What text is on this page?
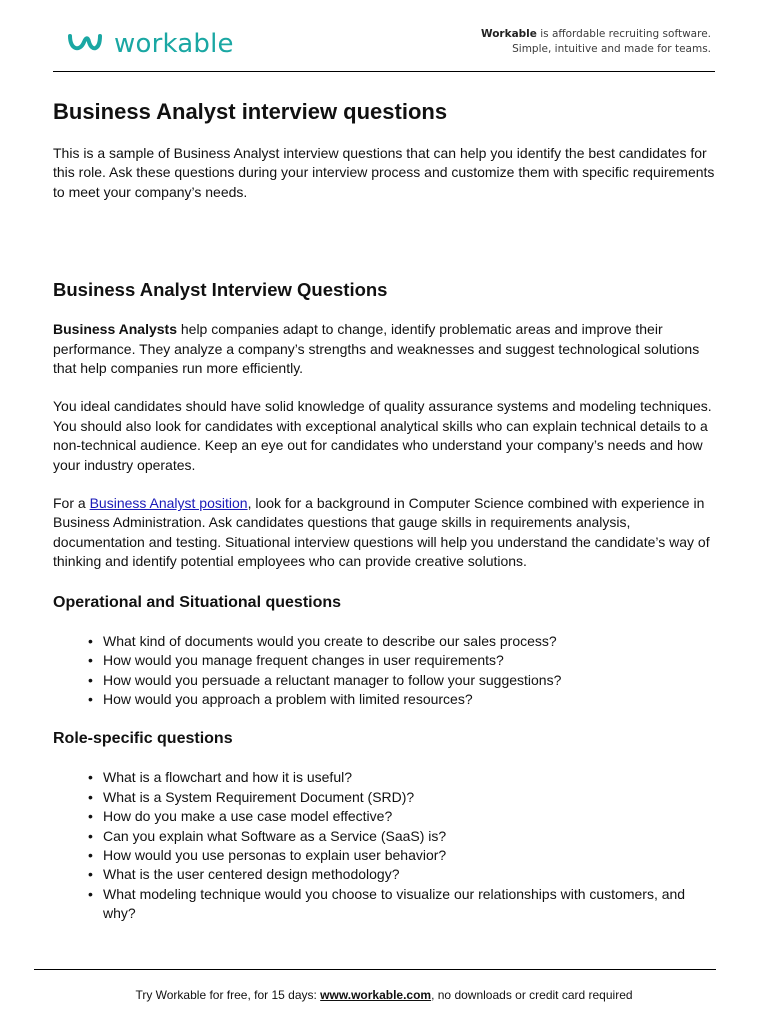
workable	Workable is affordable recruiting software.
Simple, intuitive and made for teams.
Business Analyst interview questions

This is a sample of Business Analyst interview questions that can help you identify the best candidates for this role. Ask these questions during your interview process and customize them with specific requirements to meet your company’s needs.

Business Analyst Interview Questions

Business Analysts help companies adapt to change, identify problematic areas and improve their performance. They analyze a company’s strengths and weaknesses and suggest technological solutions that help companies run more efficiently.

You ideal candidates should have solid knowledge of quality assurance systems and modeling techniques. You should also look for candidates with exceptional analytical skills who can explain technical details to a non-technical audience. Keep an eye out for candidates who understand your company’s needs and how your industry operates.

For a Business Analyst position, look for a background in Computer Science combined with experience in Business Administration. Ask candidates questions that gauge skills in requirements analysis, documentation and testing. Situational interview questions will help you understand the candidate’s way of thinking and identify potential employees who can provide creative solutions.

Operational and Situational questions
• What kind of documents would you create to describe our sales process?
• How would you manage frequent changes in user requirements?
• How would you persuade a reluctant manager to follow your suggestions?
• How would you approach a problem with limited resources?
Role-specific questions
• What is a flowchart and how it is useful?
• What is a System Requirement Document (SRD)?
• How do you make a use case model effective?
• Can you explain what Software as a Service (SaaS) is?
• How would you use personas to explain user behavior?
• What is the user centered design methodology?
• What modeling technique would you choose to visualize our relationships with customers, and why?
Try Workable for free, for 15 days: www.workable.com, no downloads or credit card required
